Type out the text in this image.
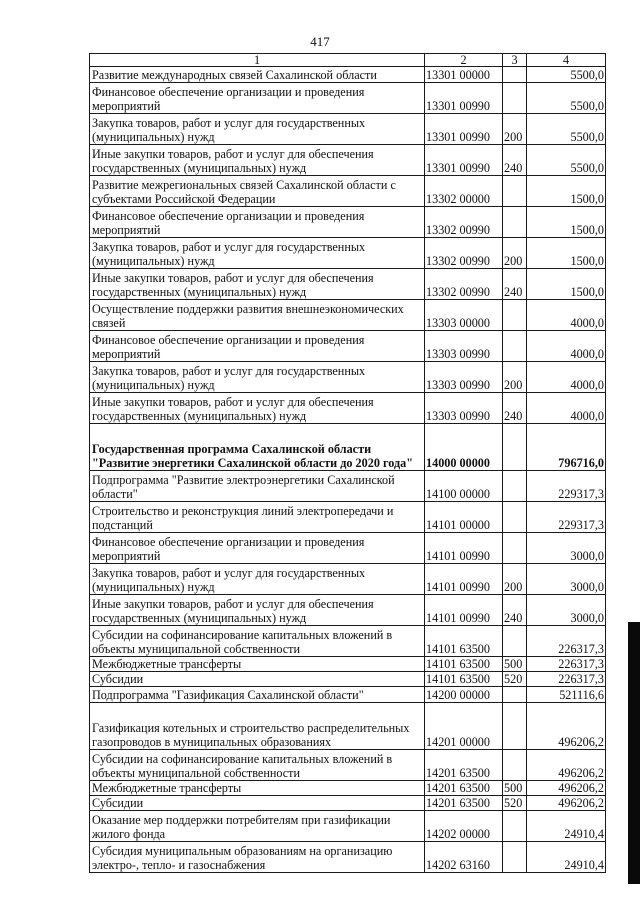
417
1	2	3	4
Развитие международных связей Сахалинской области	13301 00000		5500,0
Финансовое обеспечение организации и проведения мероприятий	13301 00990		5500,0
Закупка товаров, работ и услуг для государственных (муниципальных) нужд	13301 00990	200	5500,0
Иные закупки товаров, работ и услуг для обеспечения государственных (муниципальных) нужд	13301 00990	240	5500,0
Развитие межрегиональных связей Сахалинской области с субъектами Российской Федерации	13302 00000		1500,0
Финансовое обеспечение организации и проведения мероприятий	13302 00990		1500,0
Закупка товаров, работ и услуг для государственных (муниципальных) нужд	13302 00990	200	1500,0
Иные закупки товаров, работ и услуг для обеспечения государственных (муниципальных) нужд	13302 00990	240	1500,0
Осуществление поддержки развития внешнеэкономических связей	13303 00000		4000,0
Финансовое обеспечение организации и проведения мероприятий	13303 00990		4000,0
Закупка товаров, работ и услуг для государственных (муниципальных) нужд	13303 00990	200	4000,0
Иные закупки товаров, работ и услуг для обеспечения государственных (муниципальных) нужд	13303 00990	240	4000,0
Государственная программа Сахалинской области "Развитие энергетики Сахалинской области до 2020 года"	14000 00000		796716,0
Подпрограмма "Развитие электроэнергетики Сахалинской области"	14100 00000		229317,3
Строительство и реконструкция линий электропередачи и подстанций	14101 00000		229317,3
Финансовое обеспечение организации и проведения мероприятий	14101 00990		3000,0
Закупка товаров, работ и услуг для государственных (муниципальных) нужд	14101 00990	200	3000,0
Иные закупки товаров, работ и услуг для обеспечения государственных (муниципальных) нужд	14101 00990	240	3000,0
Субсидии на софинансирование капитальных вложений в объекты муниципальной собственности	14101 63500		226317,3
Межбюджетные трансферты	14101 63500	500	226317,3
Субсидии	14101 63500	520	226317,3
Подпрограмма "Газификация Сахалинской области"	14200 00000		521116,6
Газификация котельных и строительство распределительных газопроводов в муниципальных образованиях	14201 00000		496206,2
Субсидии на софинансирование капитальных вложений в объекты муниципальной собственности	14201 63500		496206,2
Межбюджетные трансферты	14201 63500	500	496206,2
Субсидии	14201 63500	520	496206,2
Оказание мер поддержки потребителям при газификации жилого фонда	14202 00000		24910,4
Субсидия муниципальным образованиям на организацию электро-, тепло- и газоснабжения	14202 63160		24910,4
